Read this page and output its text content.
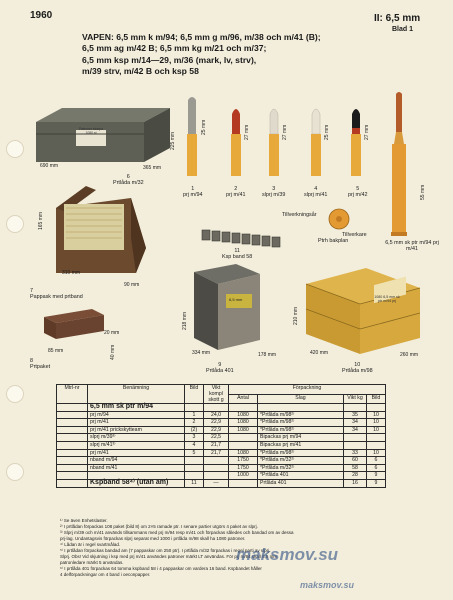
1960	II: 6,5 mm
Blad 1
VAPEN: 6,5 mm k m/94; 6,5 mm g m/96, m/38 och m/41 (B);
6,5 mm ag m/42 B; 6,5 mm kg m/21 och m/37;
6,5 mm ksp m/14—29, m/36 (mark, lv, strv),
m/39 strv, m/42 B och ksp 58
Patroner skarpa 1080 st
690 mm	365 mm
225 mm
6
Prtlåda m/32
165 mm
310 mm
90 mm
7
Pappask med prtband
85 mm
20 mm
40 mm
8
Prtpaket
25 mm	27 mm	27 mm	25 mm	27 mm
1
prj m/94
2
prj m/41
3
slprj m/39
4
slprj m/41
5
prj m/42	55 mm
6,5 mm sk ptr m/94 prj m/41
Tillverkningsår
Tillverkare
Ptrh bakplan
11
Ksp band 58
6,5 mm
218 mm
334 mm	178 mm
9
Prtlåda 401
1080 6,5 mm sk ptr m/94 prj
210 mm
420 mm	260 mm
10
Prtlåda m/98
Mtrl-nr	Benämning	Bild	Vikt kompl skott g	Förpackning			
				Antal	Slag	Vikt kg	Bild
	6,5 mm sk ptr m/94						
	prj m/94	1	24,0	1080	*Prtlåda m/98²⁾	35	10
	prj m/41	2	22,9	1080	*Prtlåda m/98²⁾	34	10
	prj m/41 prickskytteam	(2)	22,9	1080	*Prtlåda m/98²⁾	34	10
	slprj m/39³⁾	3	22,5		Bipackas prj m/94		
	slprj m/41³⁾	4	21,7		Bipackas prj m/41		
	prj m/41	5	21,7	1080	*Prtlåda m/98²⁾	33	10
	nband m/94			1750	*Prtlåda m/32²⁾	60	6
	nband m/41			1750	*Prtlåda m/32²⁾	58	6
				1000	*Prtlåda 401	28	9
	Kspband 58⁴⁾ (utan am)	11	—		Prtlåda 401	16	9
¹⁾ Se även Enhetslaster.
²⁾ I prtlådan förpackas 108 paket (bild 8) om 2×5 ramade ptr. I senare partier utgörs 4 paket av slprj.
³⁾ Slprj m/39 och m/41 används tillsammans med prj m/94 resp m/41 och förpackas således och bandad om av dessa
prj-lag. Undantagsvis förpackas slprj separat med 1000 i prtlåda m/98 skall ha 1080 patroner.
⁴⁾ Lådan är i regel svartmålad.
⁵⁾ I prtlådan förpackas bandad am (7 pappaskar om 250 ptr). I prtlåda m/32 förpackas i regel parti av slprj.
Slprj. Obs! Vid skjutning i ksp med prj m/41 användes patroner märkt LT användas. För prj m/94 skall 6,5 mm
patronledare märkt 5 användas.
⁶⁾ I prtlåda 401 förpackas 64 tomma kspband 58 i 4 pappaskar om vardera 16 band. Kspbandet håller
4 delförpackningar om 4 band i oeconpapper.
maksmov.su
maksmov.su
